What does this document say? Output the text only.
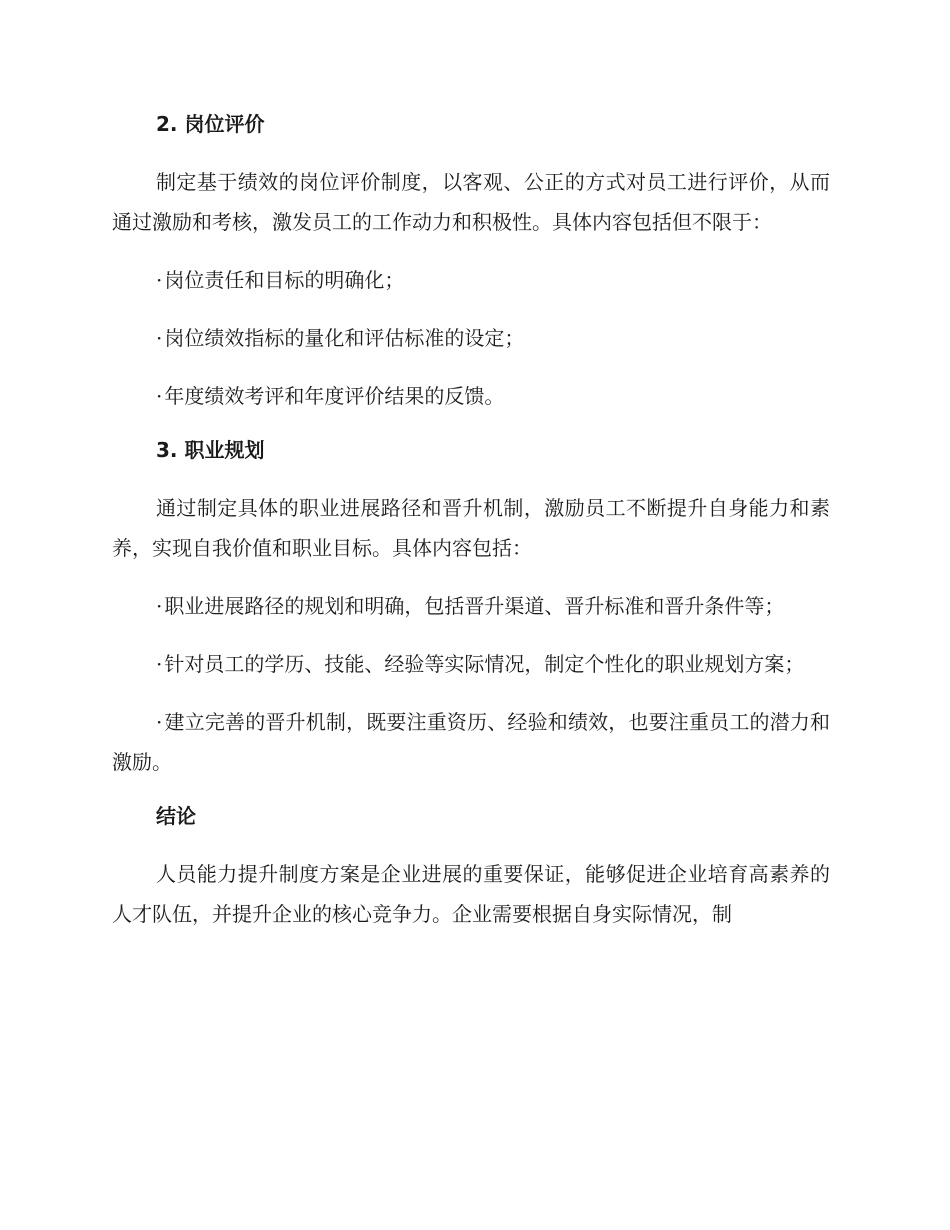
2. 岗位评价

制定基于绩效的岗位评价制度，以客观、公正的方式对员工进行评价，从而通过激励和考核，激发员工的工作动力和积极性。具体内容包括但不限于：

· 岗位责任和目标的明确化；

· 岗位绩效指标的量化和评估标准的设定；

· 年度绩效考评和年度评价结果的反馈。

3. 职业规划

通过制定具体的职业进展路径和晋升机制，激励员工不断提升自身能力和素养，实现自我价值和职业目标。具体内容包括：

· 职业进展路径的规划和明确，包括晋升渠道、晋升标准和晋升条件等；

· 针对员工的学历、技能、经验等实际情况，制定个性化的职业规划方案；

· 建立完善的晋升机制，既要注重资历、经验和绩效，也要注重员工的潜力和激励。

结论

人员能力提升制度方案是企业进展的重要保证，能够促进企业培育高素养的人才队伍，并提升企业的核心竞争力。企业需要根据自身实际情况，制
